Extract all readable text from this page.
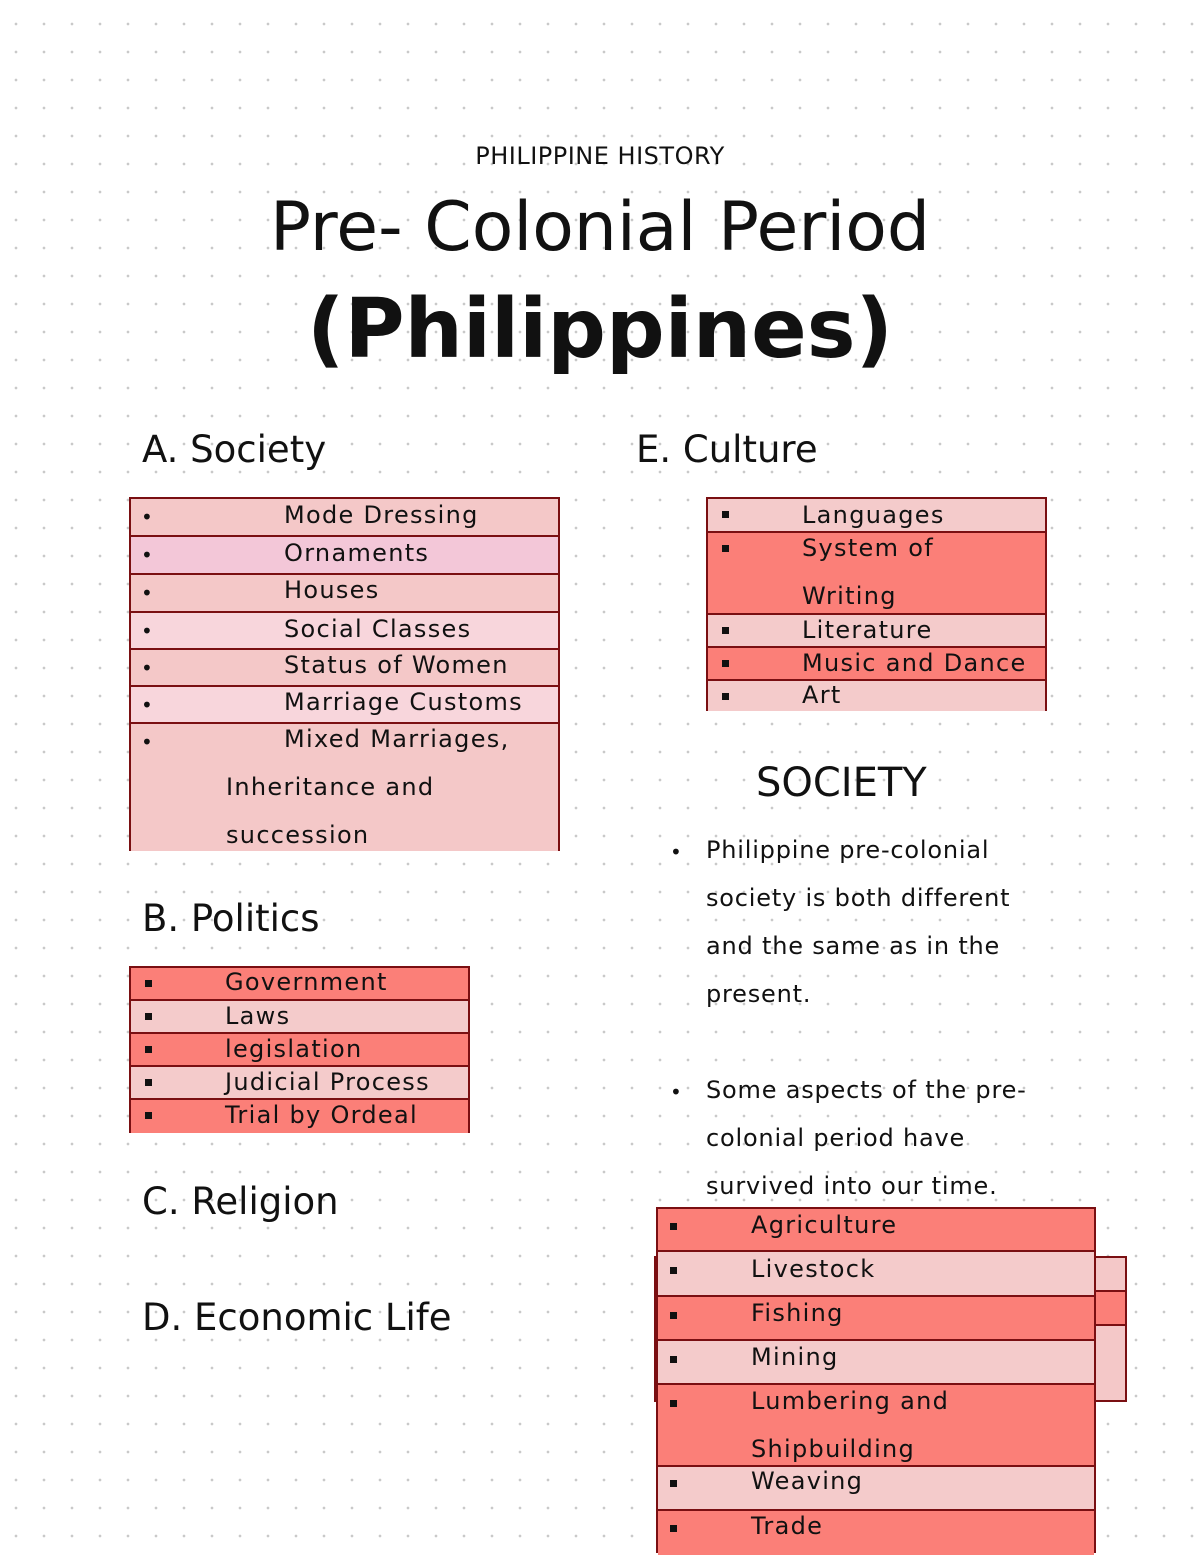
PHILIPPINE HISTORY
Pre- Colonial Period
(Philippines)
A. Society
•	Mode Dressing
•	Ornaments
•	Houses
•	Social Classes
•	Status of Women
•	Marriage Customs
•	Mixed Marriages,
Inheritance and
succession
B. Politics
Government
Laws
legislation
Judicial Process
Trial by Ordeal
C. Religion
D. Economic Life
E. Culture
Languages
System of
Writing
Literature
Music and Dance
Art
SOCIETY
• Philippine pre-colonial
society is both different
and the same as in the
present.
• Some aspects of the pre-
colonial period have
survived into our time.
Agriculture
Livestock
Fishing
Mining
Lumbering and
Shipbuilding
Weaving
Trade
